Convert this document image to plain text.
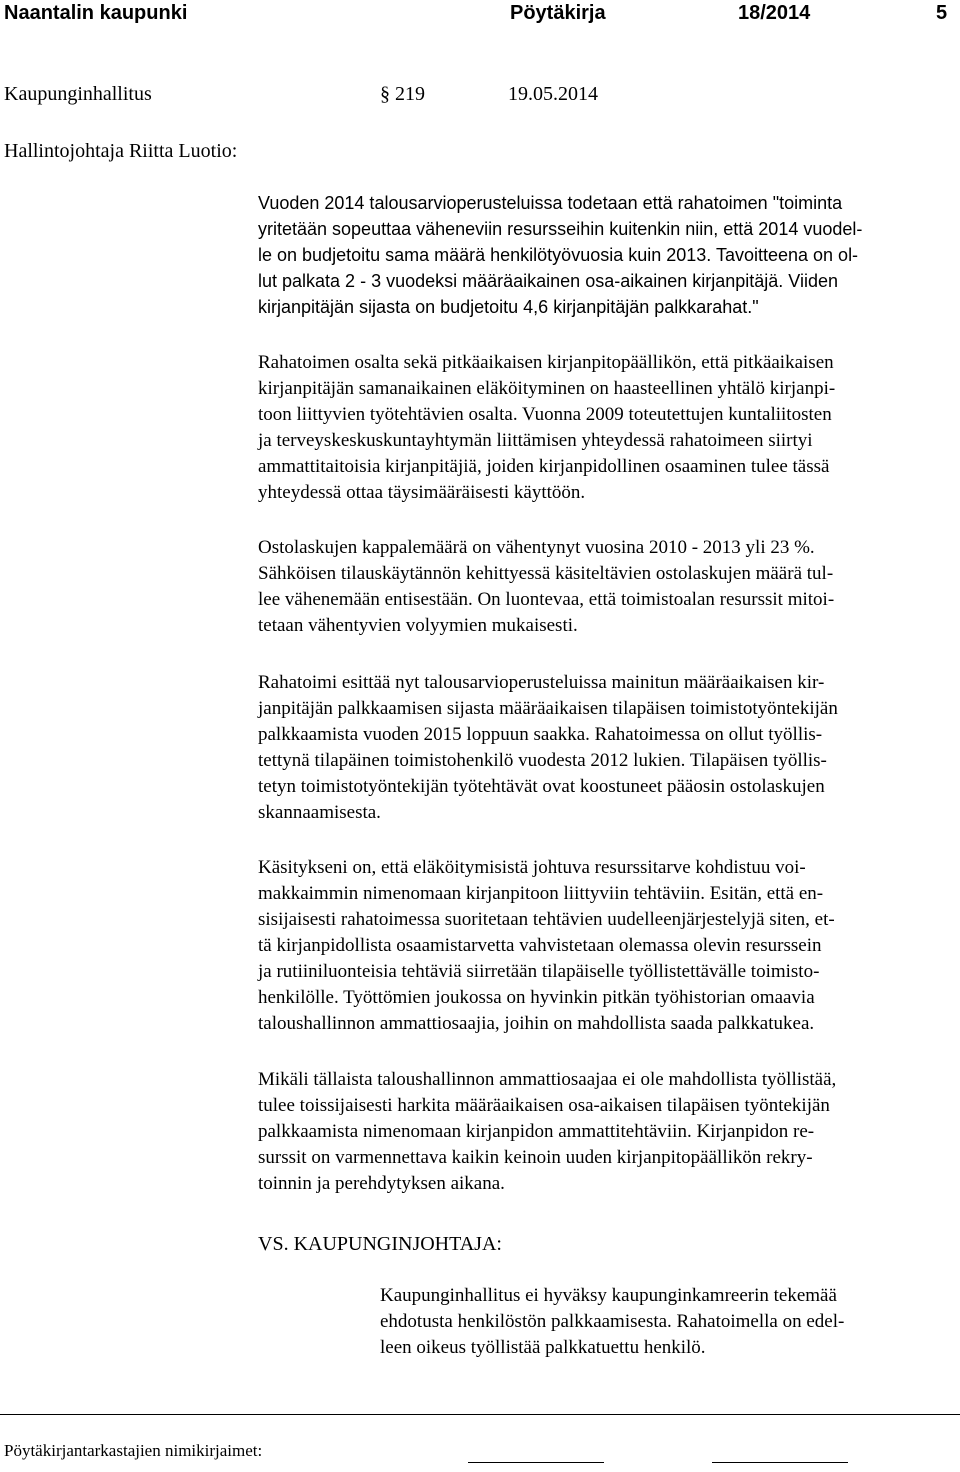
Naantalin kaupunki	Pöytäkirja	18/2014	5
Kaupunginhallitus	§ 219	19.05.2014
Hallintojohtaja Riitta Luotio:
Vuoden 2014 talousarvioperusteluissa todetaan että rahatoimen "toiminta
yritetään sopeuttaa väheneviin resursseihin kuitenkin niin, että 2014 vuodel-
le on budjetoitu sama määrä henkilötyövuosia kuin 2013. Tavoitteena on ol-
lut palkata 2 - 3 vuodeksi määräaikainen osa-aikainen kirjanpitäjä. Viiden
kirjanpitäjän sijasta on budjetoitu 4,6 kirjanpitäjän palkkarahat."
Rahatoimen osalta sekä pitkäaikaisen kirjanpitopäällikön, että pitkäaikaisen
kirjanpitäjän samanaikainen eläköityminen on haasteellinen yhtälö kirjanpi-
toon liittyvien työtehtävien osalta. Vuonna 2009 toteutettujen kuntaliitosten
ja terveyskeskuskuntayhtymän liittämisen yhteydessä rahatoimeen siirtyi
ammattitaitoisia kirjanpitäjiä, joiden kirjanpidollinen osaaminen tulee tässä
yhteydessä ottaa täysimääräisesti käyttöön.
Ostolaskujen kappalemäärä on vähentynyt vuosina 2010 - 2013 yli 23 %.
Sähköisen tilauskäytännön kehittyessä käsiteltävien ostolaskujen määrä tul-
lee vähenemään entisestään. On luontevaa, että toimistoalan resurssit mitoi-
tetaan vähentyvien volyymien mukaisesti.
Rahatoimi esittää nyt talousarvioperusteluissa mainitun määräaikaisen kir-
janpitäjän palkkaamisen sijasta määräaikaisen tilapäisen toimistotyöntekijän
palkkaamista vuoden 2015 loppuun saakka. Rahatoimessa on ollut työllis-
tettynä tilapäinen toimistohenkilö vuodesta 2012 lukien. Tilapäisen työllis-
tetyn toimistotyöntekijän työtehtävät ovat koostuneet pääosin ostolaskujen
skannaamisesta.
Käsitykseni on, että eläköitymisistä johtuva resurssitarve kohdistuu voi-
makkaimmin nimenomaan kirjanpitoon liittyviin tehtäviin. Esitän, että en-
sisijaisesti rahatoimessa suoritetaan tehtävien uudelleenjärjestelyjä siten, et-
tä kirjanpidollista osaamistarvetta vahvistetaan olemassa olevin resurssein
ja rutiiniluonteisia tehtäviä siirretään tilapäiselle työllistettävälle toimisto-
henkilölle. Työttömien joukossa on hyvinkin pitkän työhistorian omaavia
taloushallinnon ammattiosaajia, joihin on mahdollista saada palkkatukea.
Mikäli tällaista taloushallinnon ammattiosaajaa ei ole mahdollista työllistää,
tulee toissijaisesti harkita määräaikaisen osa-aikaisen tilapäisen työntekijän
palkkaamista nimenomaan kirjanpidon ammattitehtäviin. Kirjanpidon re-
surssit on varmennettava kaikin keinoin uuden kirjanpitopäällikön rekry-
toinnin ja perehdytyksen aikana.
VS. KAUPUNGINJOHTAJA:
Kaupunginhallitus ei hyväksy kaupunginkamreerin tekemää
ehdotusta henkilöstön palkkaamisesta. Rahatoimella on edel-
leen oikeus työllistää palkkatuettu henkilö.
Pöytäkirjantarkastajien nimikirjaimet:
